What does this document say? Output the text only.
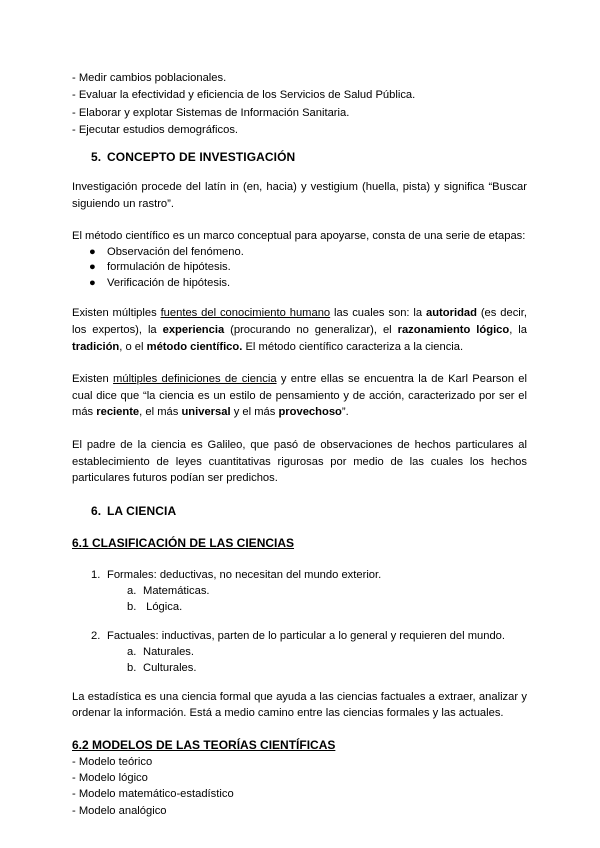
- Medir cambios poblacionales.
- Evaluar la efectividad y eficiencia de los Servicios de Salud Pública.
- Elaborar y explotar Sistemas de Información Sanitaria.
- Ejecutar estudios demográficos.
5. CONCEPTO DE INVESTIGACIÓN

Investigación procede del latín in (en, hacia) y vestigium (huella, pista) y significa “Buscar siguiendo un rastro”.

El método científico es un marco conceptual para apoyarse, consta de una serie de etapas:

● Observación del fenómeno.
● formulación de hipótesis.
● Verificación de hipótesis.

Existen múltiples fuentes del conocimiento humano las cuales son: la autoridad (es decir, los expertos), la experiencia (procurando no generalizar), el razonamiento lógico, la tradición, o el método científico. El método científico caracteriza a la ciencia.

Existen múltiples definiciones de ciencia y entre ellas se encuentra la de Karl Pearson el cual dice que “la ciencia es un estilo de pensamiento y de acción, caracterizado por ser el más reciente, el más universal y el más provechoso”.

El padre de la ciencia es Galileo, que pasó de observaciones de hechos particulares al establecimiento de leyes cuantitativas rigurosas por medio de las cuales los hechos particulares futuros podían ser predichos.

6. LA CIENCIA
6.1 CLASIFICACIÓN DE LAS CIENCIAS
1. Formales: deductivas, no necesitan del mundo exterior.
a. Matemáticas.
b. Lógica.
2. Factuales: inductivas, parten de lo particular a lo general y requieren del mundo.
a. Naturales.
b. Culturales.

La estadística es una ciencia formal que ayuda a las ciencias factuales a extraer, analizar y ordenar la información. Está a medio camino entre las ciencias formales y las actuales.

6.2 MODELOS DE LAS TEORÍAS CIENTÍFICAS
- Modelo teórico
- Modelo lógico
- Modelo matemático-estadístico
- Modelo analógico
